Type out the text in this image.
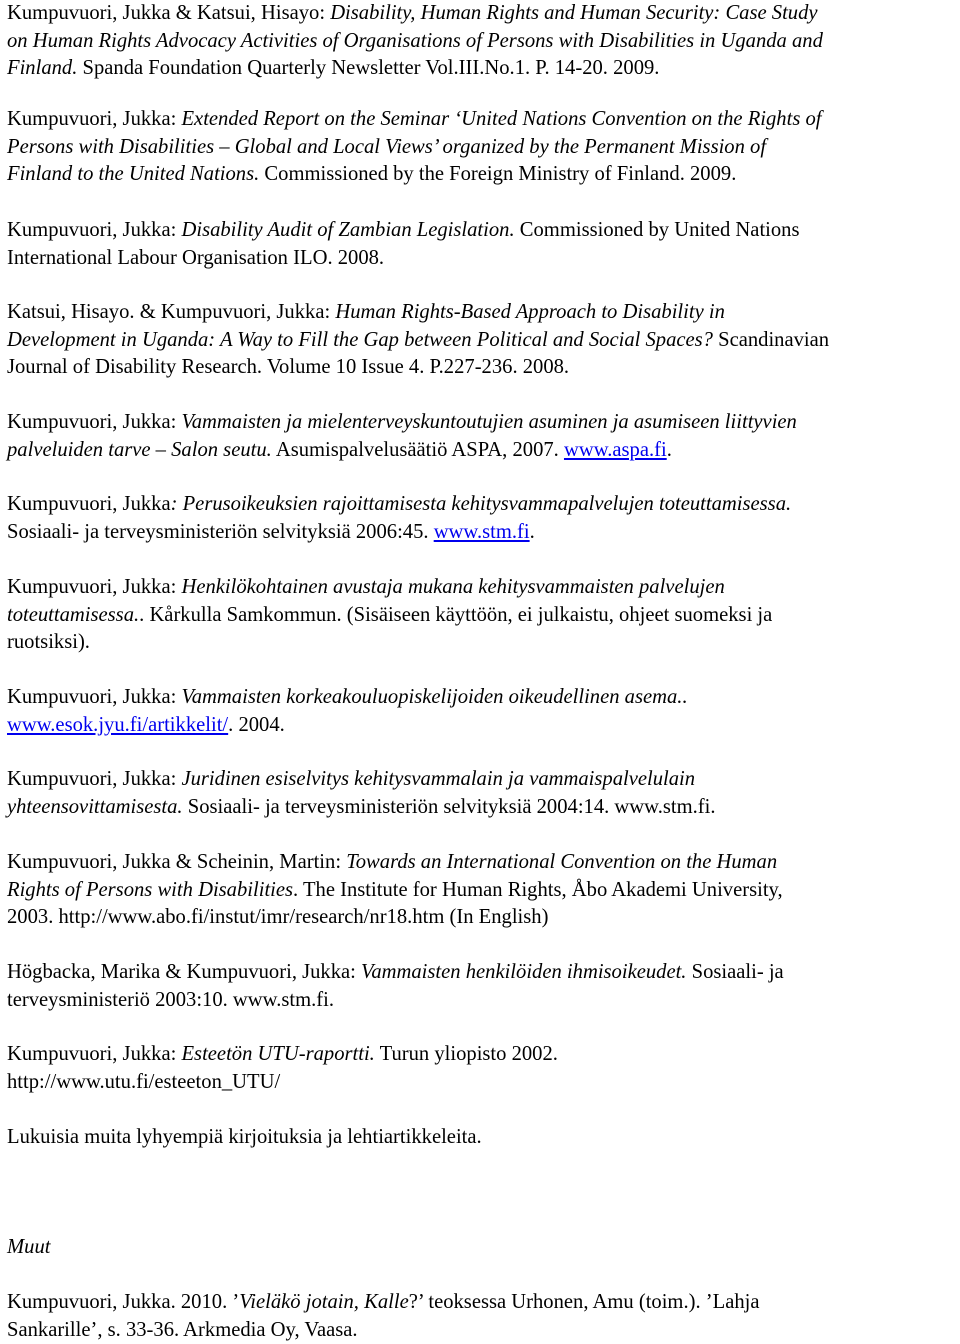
Kumpuvuori, Jukka & Katsui, Hisayo: Disability, Human Rights and Human Security: Case Study
on Human Rights Advocacy Activities of Organisations of Persons with Disabilities in Uganda and
Finland. Spanda Foundation Quarterly Newsletter Vol.III.No.1. P. 14-20. 2009.
Kumpuvuori, Jukka: Extended Report on the Seminar ‘United Nations Convention on the Rights of
Persons with Disabilities – Global and Local Views’ organized by the Permanent Mission of
Finland to the United Nations. Commissioned by the Foreign Ministry of Finland. 2009.
Kumpuvuori, Jukka: Disability Audit of Zambian Legislation. Commissioned by United Nations
International Labour Organisation ILO. 2008.
Katsui, Hisayo. & Kumpuvuori, Jukka: Human Rights-Based Approach to Disability in
Development in Uganda: A Way to Fill the Gap between Political and Social Spaces? Scandinavian
Journal of Disability Research. Volume 10 Issue 4. P.227-236. 2008.
Kumpuvuori, Jukka: Vammaisten ja mielenterveyskuntoutujien asuminen ja asumiseen liittyvien
palveluiden tarve – Salon seutu. Asumispalvelusäätiö ASPA, 2007. www.aspa.fi.
Kumpuvuori, Jukka: Perusoikeuksien rajoittamisesta kehitysvammapalvelujen toteuttamisessa.
Sosiaali- ja terveysministeriön selvityksiä 2006:45. www.stm.fi.
Kumpuvuori, Jukka: Henkilökohtainen avustaja mukana kehitysvammaisten palvelujen
toteuttamisessa.. Kårkulla Samkommun. (Sisäiseen käyttöön, ei julkaistu, ohjeet suomeksi ja
ruotsiksi).
Kumpuvuori, Jukka: Vammaisten korkeakouluopiskelijoiden oikeudellinen asema..
www.esok.jyu.fi/artikkelit/. 2004.
Kumpuvuori, Jukka: Juridinen esiselvitys kehitysvammalain ja vammaispalvelulain
yhteensovittamisesta. Sosiaali- ja terveysministeriön selvityksiä 2004:14. www.stm.fi.
Kumpuvuori, Jukka & Scheinin, Martin: Towards an International Convention on the Human
Rights of Persons with Disabilities. The Institute for Human Rights, Åbo Akademi University,
2003. http://www.abo.fi/instut/imr/research/nr18.htm (In English)
Högbacka, Marika & Kumpuvuori, Jukka: Vammaisten henkilöiden ihmisoikeudet. Sosiaali- ja
terveysministeriö 2003:10. www.stm.fi.
Kumpuvuori, Jukka: Esteetön UTU-raportti. Turun yliopisto 2002.
http://www.utu.fi/esteeton_UTU/
Lukuisia muita lyhyempiä kirjoituksia ja lehtiartikkeleita.
Muut
Kumpuvuori, Jukka. 2010. ’Vieläkö jotain, Kalle?’ teoksessa Urhonen, Amu (toim.). ’Lahja
Sankarille’, s. 33-36. Arkmedia Oy, Vaasa.
